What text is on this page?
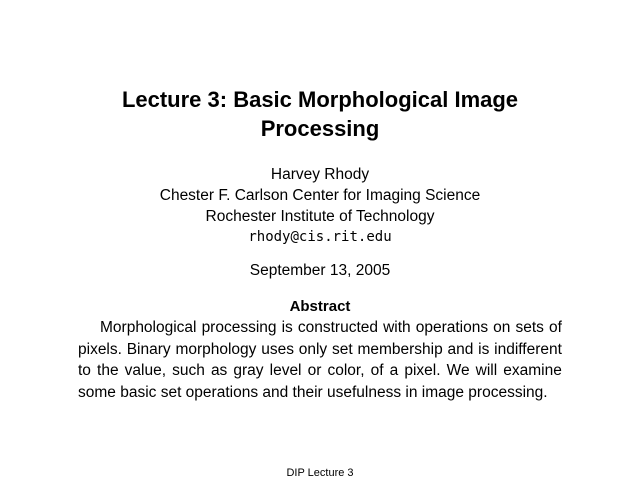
Lecture 3: Basic Morphological Image
Processing
Harvey Rhody
Chester F. Carlson Center for Imaging Science
Rochester Institute of Technology
rhody@cis.rit.edu
September 13, 2005
Abstract
Morphological processing is constructed with operations on sets of
pixels. Binary morphology uses only set membership and is indifferent
to the value, such as gray level or color, of a pixel. We will examine
some basic set operations and their usefulness in image processing.
DIP Lecture 3
